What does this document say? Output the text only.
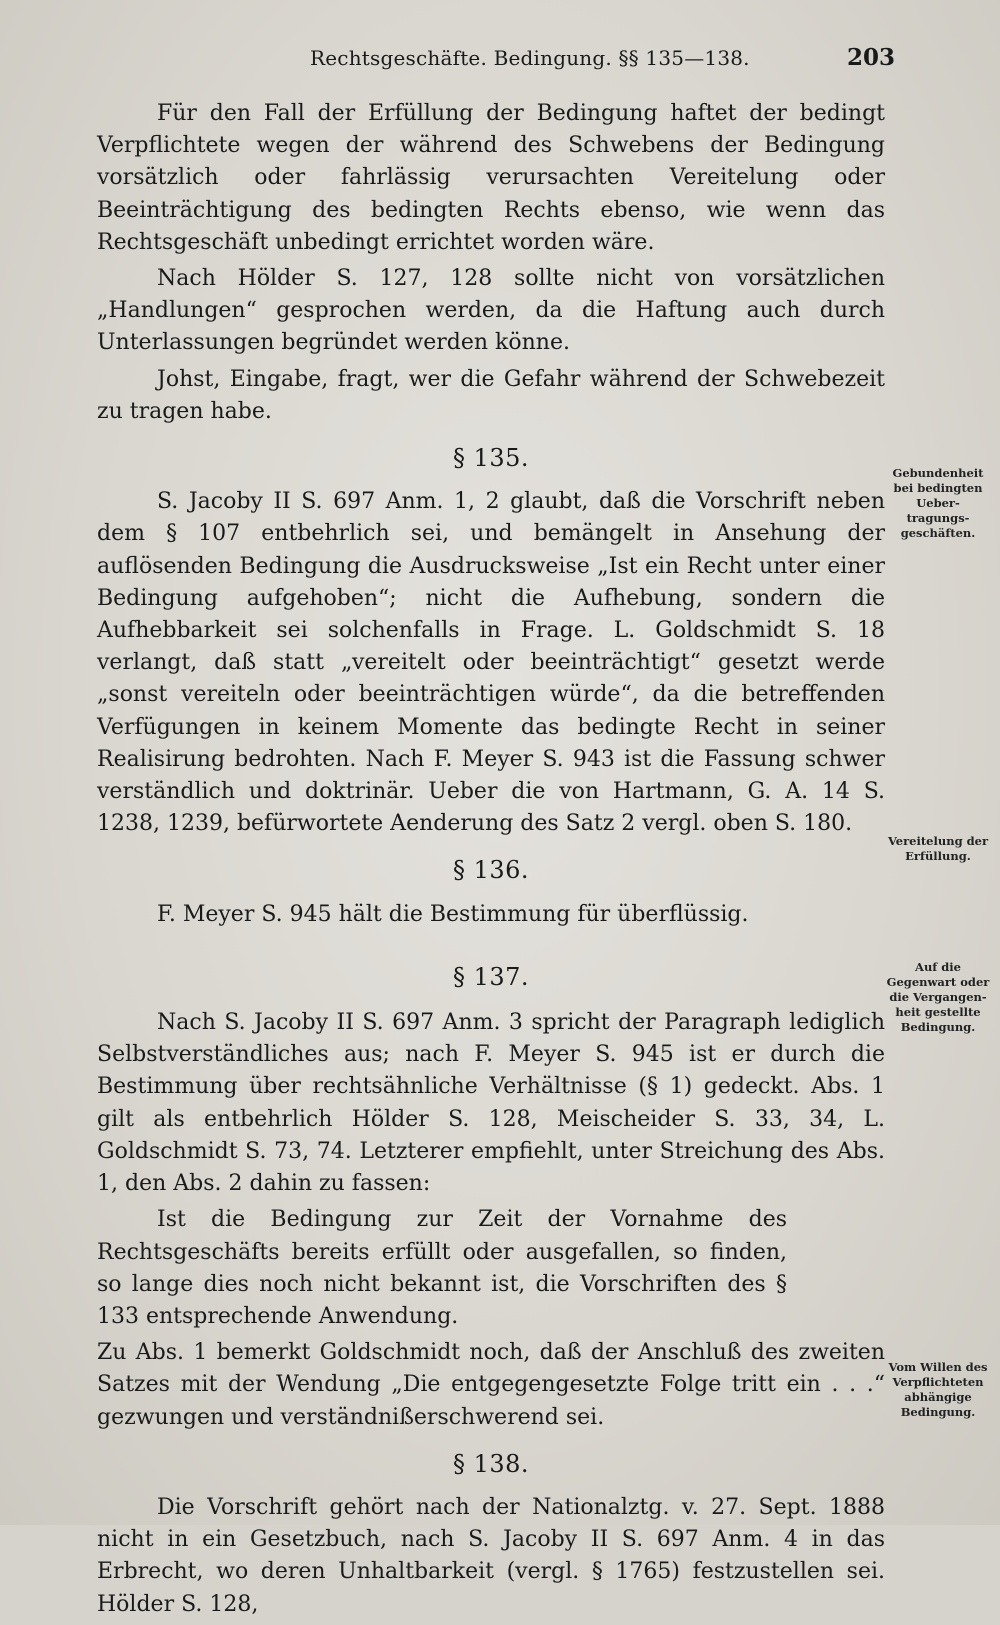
Rechtsgeschäfte. Bedingung. §§ 135—138.	203

Für den Fall der Erfüllung der Bedingung haftet der bedingt Verpflichtete wegen der während des Schwebens der Bedingung vorsätzlich oder fahrlässig verursachten Vereitelung oder Beeinträchtigung des bedingten Rechts ebenso, wie wenn das Rechtsgeschäft unbedingt errichtet worden wäre.

Nach Hölder S. 127, 128 sollte nicht von vorsätzlichen „Handlungen“ gesprochen werden, da die Haftung auch durch Unterlassungen begründet werden könne.

Johst, Eingabe, fragt, wer die Gefahr während der Schwebezeit zu tragen habe.

§ 135.

S. Jacoby II S. 697 Anm. 1, 2 glaubt, daß die Vorschrift neben dem § 107 entbehrlich sei, und bemängelt in Ansehung der auflösenden Bedingung die Ausdrucksweise „Ist ein Recht unter einer Bedingung aufgehoben“; nicht die Aufhebung, sondern die Aufhebbarkeit sei solchenfalls in Frage. L. Goldschmidt S. 18 verlangt, daß statt „vereitelt oder beeinträchtigt“ gesetzt werde „sonst vereiteln oder beeinträchtigen würde“, da die betreffenden Verfügungen in keinem Momente das bedingte Recht in seiner Realisirung bedrohten. Nach F. Meyer S. 943 ist die Fassung schwer verständlich und doktrinär. Ueber die von Hartmann, G. A. 14 S. 1238, 1239, befürwortete Aenderung des Satz 2 vergl. oben S. 180.

§ 136.

F. Meyer S. 945 hält die Bestimmung für überflüssig.

§ 137.

Nach S. Jacoby II S. 697 Anm. 3 spricht der Paragraph lediglich Selbstverständliches aus; nach F. Meyer S. 945 ist er durch die Bestimmung über rechtsähnliche Verhältnisse (§ 1) gedeckt. Abs. 1 gilt als entbehrlich Hölder S. 128, Meischeider S. 33, 34, L. Goldschmidt S. 73, 74. Letzterer empfiehlt, unter Streichung des Abs. 1, den Abs. 2 dahin zu fassen:

Ist die Bedingung zur Zeit der Vornahme des Rechtsgeschäfts bereits erfüllt oder ausgefallen, so finden, so lange dies noch nicht bekannt ist, die Vorschriften des § 133 entsprechende Anwendung.

Zu Abs. 1 bemerkt Goldschmidt noch, daß der Anschluß des zweiten Satzes mit der Wendung „Die entgegengesetzte Folge tritt ein . . .“ gezwungen und verständnißerschwerend sei.

§ 138.

Die Vorschrift gehört nach der Nationalztg. v. 27. Sept. 1888 nicht in ein Gesetzbuch, nach S. Jacoby II S. 697 Anm. 4 in das Erbrecht, wo deren Unhaltbarkeit (vergl. § 1765) festzustellen sei. Hölder S. 128,

Gebundenheit bei bedingten Ueber-tragungs-geschäften.
Vereitelung der Erfüllung.
Auf die Gegenwart oder die Vergangen-heit gestellte Bedingung.
Vom Willen des Verpflichteten abhängige Bedingung.
